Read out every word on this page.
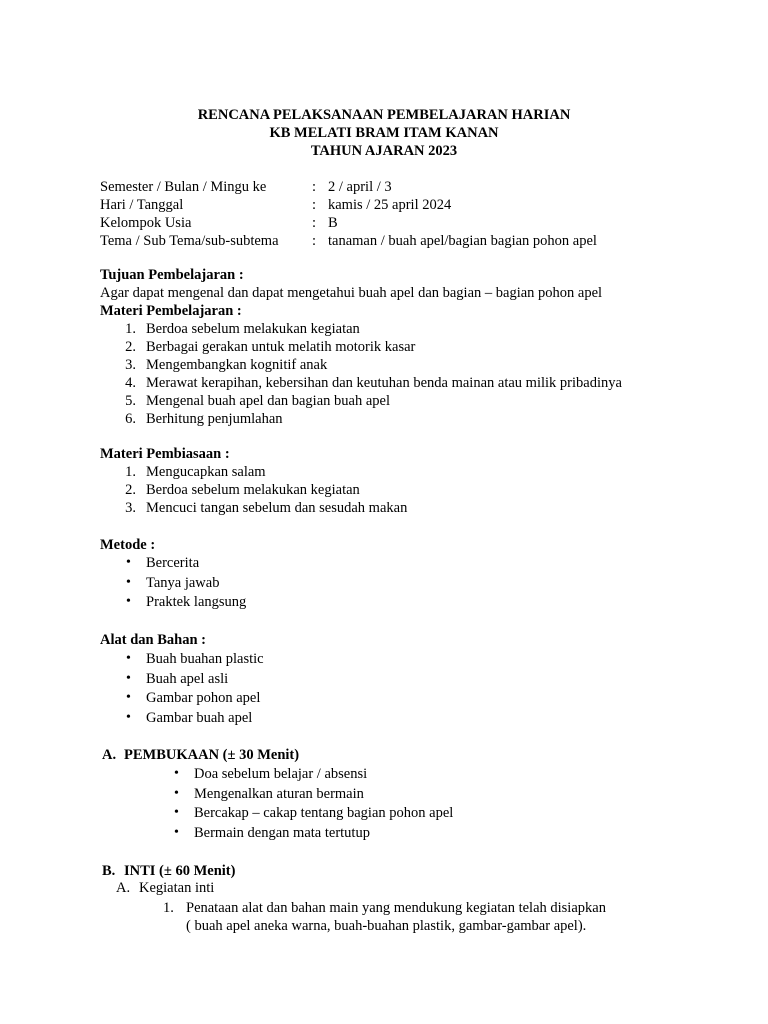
RENCANA PELAKSANAAN PEMBELAJARAN HARIAN
KB MELATI BRAM ITAM KANAN
TAHUN AJARAN 2023
Semester / Bulan / Mingu ke	: 2 / april / 3
Hari / Tanggal	: kamis / 25 april 2024
Kelompok Usia	: B
Tema / Sub Tema/sub-subtema : tanaman / buah apel/bagian bagian pohon apel
Tujuan Pembelajaran :
Agar dapat mengenal dan dapat mengetahui buah apel dan bagian – bagian pohon apel
Materi Pembelajaran :
1. Berdoa sebelum melakukan kegiatan
2. Berbagai gerakan untuk melatih motorik kasar
3. Mengembangkan kognitif anak
4. Merawat kerapihan, kebersihan dan keutuhan benda mainan atau milik pribadinya
5. Mengenal buah apel dan bagian buah apel
6. Berhitung penjumlahan
Materi Pembiasaan :
1. Mengucapkan salam
2. Berdoa sebelum melakukan kegiatan
3. Mencuci tangan sebelum dan sesudah makan
Metode :
• Bercerita
• Tanya jawab
• Praktek langsung
Alat dan Bahan :
• Buah buahan plastic
• Buah apel asli
• Gambar pohon apel
• Gambar buah apel
A. PEMBUKAAN (± 30 Menit)
• Doa sebelum belajar / absensi
• Mengenalkan aturan bermain
• Bercakap – cakap tentang bagian pohon apel
• Bermain dengan mata tertutup
B. INTI (± 60 Menit)
A. Kegiatan inti
1. Penataan alat dan bahan main yang mendukung kegiatan telah disiapkan
( buah apel aneka warna, buah-buahan plastik, gambar-gambar apel).
